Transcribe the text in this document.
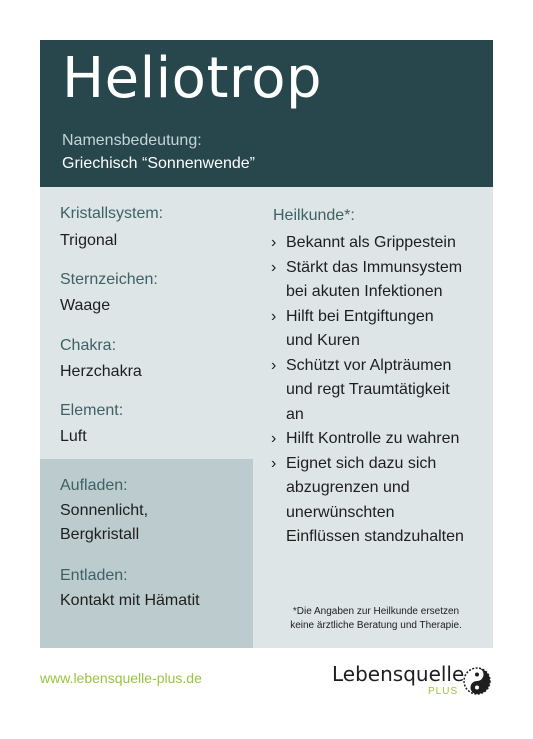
Heliotrop
Namensbedeutung:
Griechisch “Sonnenwende”
Kristallsystem:
Trigonal
Sternzeichen:
Waage
Chakra:
Herzchakra
Element:
Luft
Aufladen:
Sonnenlicht,
Bergkristall
Entladen:
Kontakt mit Hämatit
Heilkunde*:
› Bekannt als Grippestein
› Stärkt das Immunsystem
bei akuten Infektionen
› Hilft bei Entgiftungen
und Kuren
› Schützt vor Alpträumen
und regt Traumtätigkeit
an
› Hilft Kontrolle zu wahren
› Eignet sich dazu sich
abzugrenzen und
unerwünschten
Einflüssen standzuhalten
*Die Angaben zur Heilkunde ersetzen
keine ärztliche Beratung und Therapie.
www.lebensquelle-plus.de	Lebensquelle
PLUS
